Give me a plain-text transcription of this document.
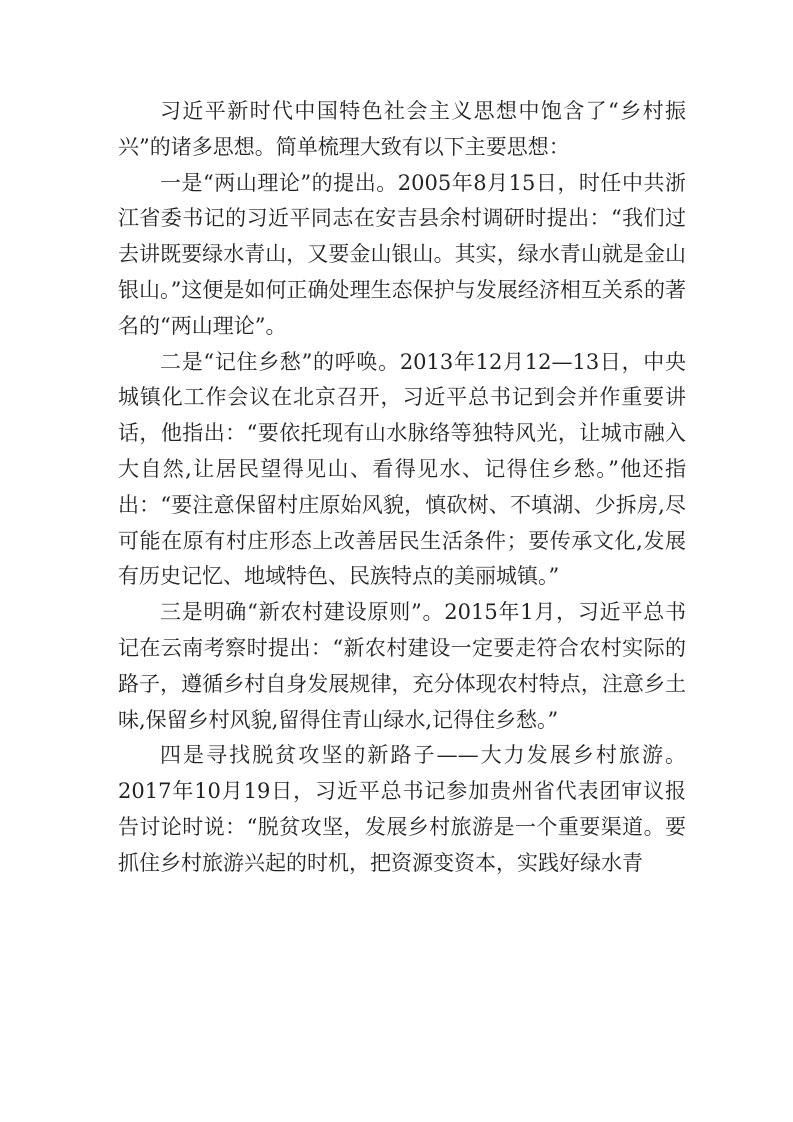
习近平新时代中国特色社会主义思想中饱含了“乡村振兴”的诸多思想。简单梳理大致有以下主要思想：

一是“两山理论”的提出。2005年8月15日，时任中共浙江省委书记的习近平同志在安吉县余村调研时提出：“我们过去讲既要绿水青山，又要金山银山。其实，绿水青山就是金山银山。”这便是如何正确处理生态保护与发展经济相互关系的著名的“两山理论”。

二是“记住乡愁”的呼唤。2013年12月12—13日，中央城镇化工作会议在北京召开，习近平总书记到会并作重要讲话，他指出：“要依托现有山水脉络等独特风光，让城市融入大自然,让居民望得见山、看得见水、记得住乡愁。”他还指出：“要注意保留村庄原始风貌，慎砍树、不填湖、少拆房,尽可能在原有村庄形态上改善居民生活条件；要传承文化,发展有历史记忆、地域特色、民族特点的美丽城镇。”

三是明确“新农村建设原则”。2015年1月，习近平总书记在云南考察时提出：“新农村建设一定要走符合农村实际的路子，遵循乡村自身发展规律，充分体现农村特点，注意乡土味,保留乡村风貌,留得住青山绿水,记得住乡愁。”

四是寻找脱贫攻坚的新路子——大力发展乡村旅游。2017年10月19日，习近平总书记参加贵州省代表团审议报告讨论时说：“脱贫攻坚，发展乡村旅游是一个重要渠道。要抓住乡村旅游兴起的时机，把资源变资本，实践好绿水青
